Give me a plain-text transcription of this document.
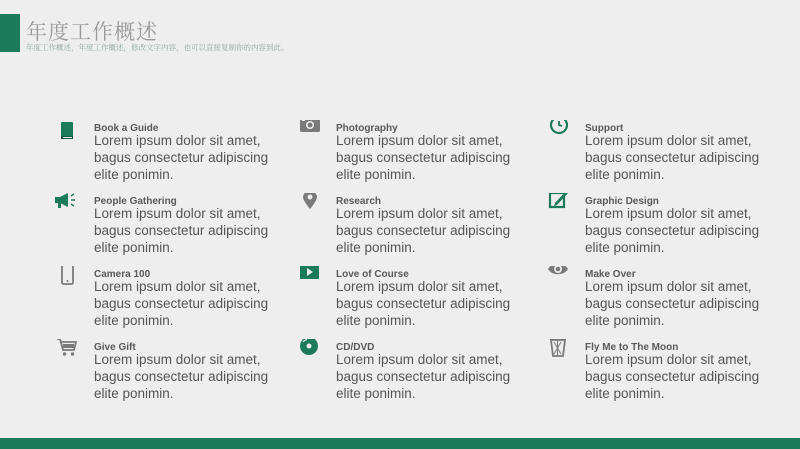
年度工作概述
年度工作概述，年度工作概述，修改文字内容，也可以直接复制你的内容到此。
Book a Guide
Lorem ipsum dolor sit amet, bagus consectetur adipiscing elite ponimin.
Photography
Lorem ipsum dolor sit amet, bagus consectetur adipiscing elite ponimin.
Support
Lorem ipsum dolor sit amet, bagus consectetur adipiscing elite ponimin.
People Gathering
Lorem ipsum dolor sit amet, bagus consectetur adipiscing elite ponimin.
Research
Lorem ipsum dolor sit amet, bagus consectetur adipiscing elite ponimin.
Graphic Design
Lorem ipsum dolor sit amet, bagus consectetur adipiscing elite ponimin.
Camera 100
Lorem ipsum dolor sit amet, bagus consectetur adipiscing elite ponimin.
Love of Course
Lorem ipsum dolor sit amet, bagus consectetur adipiscing elite ponimin.
Make Over
Lorem ipsum dolor sit amet, bagus consectetur adipiscing elite ponimin.
Give Gift
Lorem ipsum dolor sit amet, bagus consectetur adipiscing elite ponimin.
CD/DVD
Lorem ipsum dolor sit amet, bagus consectetur adipiscing elite ponimin.
Fly Me to The Moon
Lorem ipsum dolor sit amet, bagus consectetur adipiscing elite ponimin.
